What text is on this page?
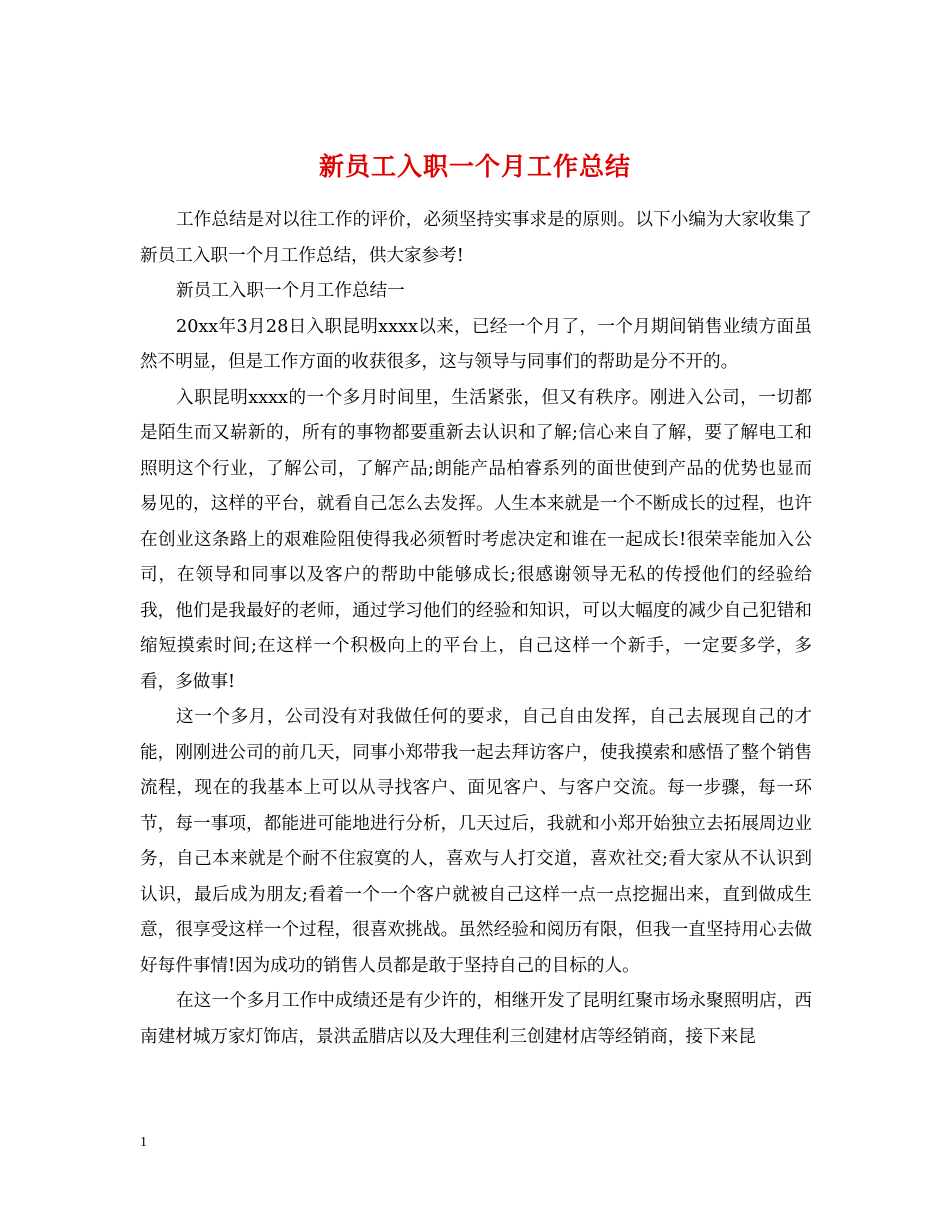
新员工入职一个月工作总结

工作总结是对以往工作的评价，必须坚持实事求是的原则。以下小编为大家收集了新员工入职一个月工作总结，供大家参考!

新员工入职一个月工作总结一

20xx年3月28日入职昆明xxxx以来，已经一个月了，一个月期间销售业绩方面虽然不明显，但是工作方面的收获很多，这与领导与同事们的帮助是分不开的。

入职昆明xxxx的一个多月时间里，生活紧张，但又有秩序。刚进入公司，一切都是陌生而又崭新的，所有的事物都要重新去认识和了解;信心来自了解，要了解电工和照明这个行业，了解公司，了解产品;朗能产品柏睿系列的面世使到产品的优势也显而易见的，这样的平台，就看自己怎么去发挥。人生本来就是一个不断成长的过程，也许在创业这条路上的艰难险阻使得我必须暂时考虑决定和谁在一起成长!很荣幸能加入公司，在领导和同事以及客户的帮助中能够成长;很感谢领导无私的传授他们的经验给我，他们是我最好的老师，通过学习他们的经验和知识，可以大幅度的减少自己犯错和缩短摸索时间;在这样一个积极向上的平台上，自己这样一个新手，一定要多学，多看，多做事!

这一个多月，公司没有对我做任何的要求，自己自由发挥，自己去展现自己的才能，刚刚进公司的前几天，同事小郑带我一起去拜访客户，使我摸索和感悟了整个销售流程，现在的我基本上可以从寻找客户、面见客户、与客户交流。每一步骤，每一环节，每一事项，都能进可能地进行分析，几天过后，我就和小郑开始独立去拓展周边业务，自己本来就是个耐不住寂寞的人，喜欢与人打交道，喜欢社交;看大家从不认识到认识，最后成为朋友;看着一个一个客户就被自己这样一点一点挖掘出来，直到做成生意，很享受这样一个过程，很喜欢挑战。虽然经验和阅历有限，但我一直坚持用心去做好每件事情!因为成功的销售人员都是敢于坚持自己的目标的人。

在这一个多月工作中成绩还是有少许的，相继开发了昆明红聚市场永聚照明店，西南建材城万家灯饰店，景洪孟腊店以及大理佳利三创建材店等经销商，接下来昆

1
